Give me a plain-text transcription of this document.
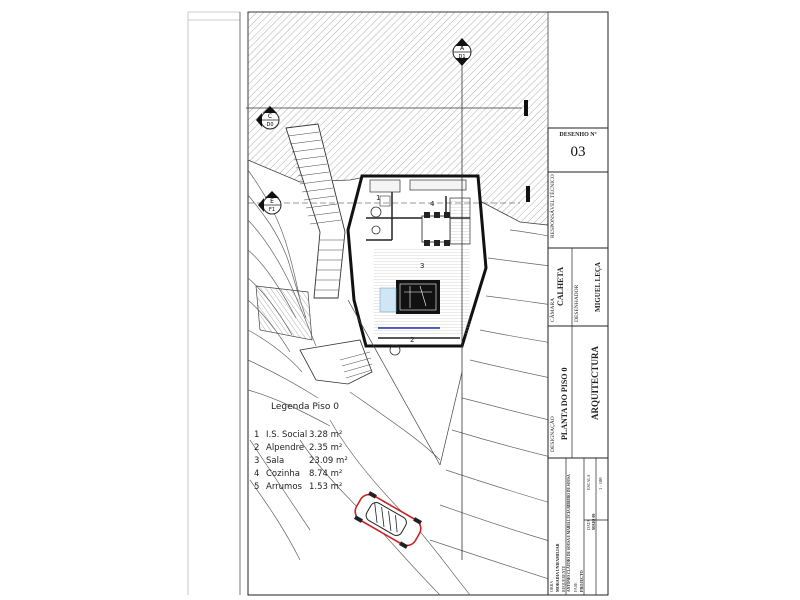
A
D1
C
D0
E
F1
1
2
3
4
DESENHO Nº
03
RESPONSÁVEL TÉCNICO
CÂMARA
CALHETA DESENHADOR MIGUEL LEÇA
DESIGNAÇÃO PLANTA DO PISO 0 ARQUITECTURA
OBRA MORADIA UNIFAMILIAR REQUERENTE ANTÓNIO CLÁUDIO DE SOUSA E MARIA LÚCIA RIBEIRO DE SOUSA FASE PROJECTO
DATA MAIO 09
ESCALA 1 : 100
Legenda Piso 0
1 I.S. Social 3.28 m²
2 Alpendre 2.35 m²
3 Sala	23.09 m²
4 Cozinha 8.74 m²
5 Arrumos 1.53 m²
